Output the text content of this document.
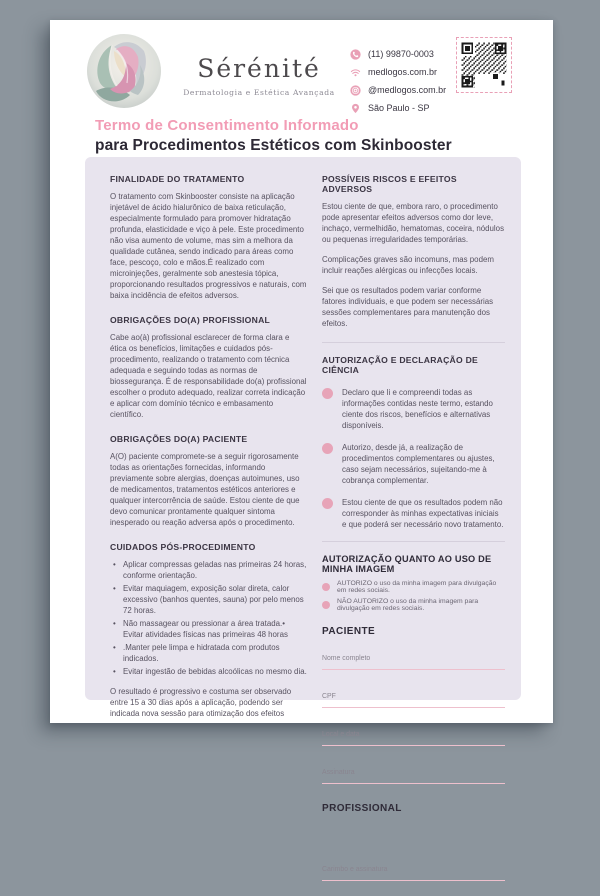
Sérénité
Dermatologia e Estética Avançada
(11) 99870-0003
medlogos.com.br
@medlogos.com.br
São Paulo - SP
Termo de Consentimento Informado
para Procedimentos Estéticos com Skinbooster
FINALIDADE DO TRATAMENTO

O tratamento com Skinbooster consiste na aplicação injetável de ácido hialurônico de baixa reticulação, especialmente formulado para promover hidratação profunda, elasticidade e viço à pele. Este procedimento não visa aumento de volume, mas sim a melhora da qualidade cutânea, sendo indicado para áreas como face, pescoço, colo e mãos.É realizado com microinjeções, geralmente sob anestesia tópica, proporcionando resultados progressivos e naturais, com baixa incidência de efeitos adversos.

OBRIGAÇÕES DO(A) PROFISSIONAL

Cabe ao(à) profissional esclarecer de forma clara e ética os benefícios, limitações e cuidados pós-procedimento, realizando o tratamento com técnica adequada e seguindo todas as normas de biossegurança. É de responsabilidade do(a) profissional escolher o produto adequado, realizar correta indicação e aplicar com domínio técnico e embasamento científico.

OBRIGAÇÕES DO(A) PACIENTE

A(O) paciente compromete-se a seguir rigorosamente todas as orientações fornecidas, informando previamente sobre alergias, doenças autoimunes, uso de medicamentos, tratamentos estéticos anteriores e qualquer intercorrência de saúde. Estou ciente de que devo comunicar prontamente qualquer sintoma inesperado ou reação adversa após o procedimento.

CUIDADOS PÓS-PROCEDIMENTO
• Aplicar compressas geladas nas primeiras 24 horas, conforme orientação.
• Evitar maquiagem, exposição solar direta, calor excessivo (banhos quentes, sauna) por pelo menos 72 horas.
• Não massagear ou pressionar a área tratada.• Evitar atividades físicas nas primeiras 48 horas
• .Manter pele limpa e hidratada com produtos indicados.
• Evitar ingestão de bebidas alcoólicas no mesmo dia.

O resultado é progressivo e costuma ser observado entre 15 a 30 dias após a aplicação, podendo ser indicada nova sessão para otimização dos efeitos

POSSÍVEIS RISCOS E EFEITOS ADVERSOS

Estou ciente de que, embora raro, o procedimento pode apresentar efeitos adversos como dor leve, inchaço, vermelhidão, hematomas, coceira, nódulos ou pequenas irregularidades temporárias.

Complicações graves são incomuns, mas podem incluir reações alérgicas ou infecções locais.

Sei que os resultados podem variar conforme fatores individuais, e que podem ser necessárias sessões complementares para manutenção dos efeitos.

AUTORIZAÇÃO E DECLARAÇÃO DE CIÊNCIA
Declaro que li e compreendi todas as informações contidas neste termo, estando ciente dos riscos, benefícios e alternativas disponíveis.
Autorizo, desde já, a realização de procedimentos complementares ou ajustes, caso sejam necessários, sujeitando-me à cobrança complementar.
Estou ciente de que os resultados podem não corresponder às minhas expectativas iniciais e que poderá ser necessário novo tratamento.
AUTORIZAÇÃO QUANTO AO USO DE MINHA IMAGEM
AUTORIZO o uso da minha imagem para divulgação em redes sociais.
NÃO AUTORIZO o uso da minha imagem para divulgação em redes sociais.
PACIENTE
Nome completo
CPF
Local e data
Assinatura
PROFISSIONAL
Carimbo e assinatura
